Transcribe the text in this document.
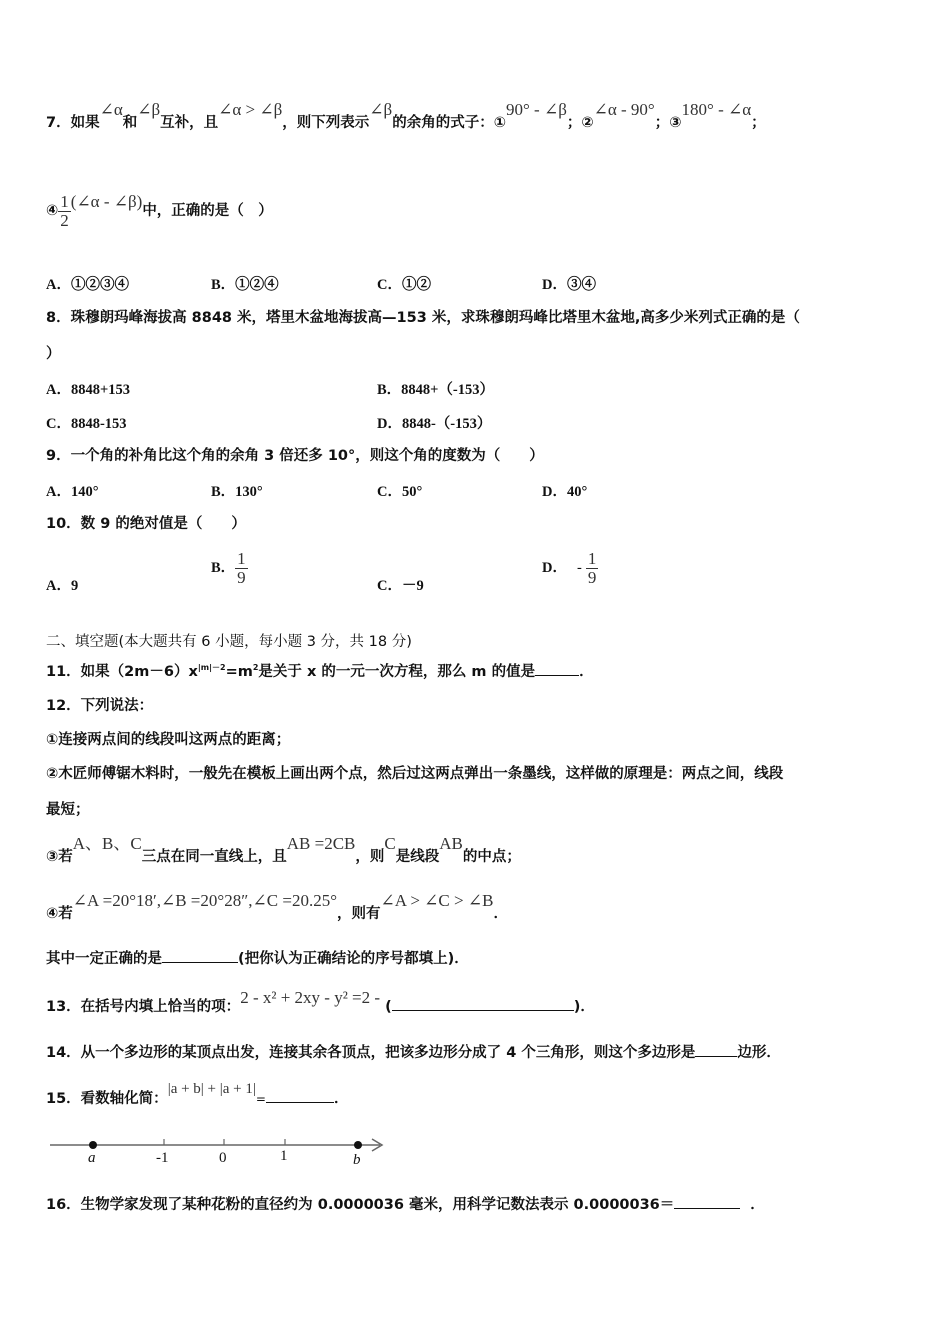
7．如果∠α和∠β互补，且∠α > ∠β，则下列表示∠β的余角的式子：①90° - ∠β；②∠α - 90°；③180° - ∠α；
④ $\frac{1}{2}$ (∠α - ∠β)中，正确的是（　）
A．①②③④	B．①②④	C．①②	D．③④
8．珠穆朗玛峰海拔高 8848 米，塔里木盆地海拔高—153 米，求珠穆朗玛峰比塔里木盆地,高多少米列式正确的是（
）
A．8848+153	B．8848+（-153）
C．8848-153	D．8848-（-153）
9．一个角的补角比这个角的余角 3 倍还多 10°，则这个角的度数为（　　）
A．140°	B．130°	C．50°	D．40°
10．数 9 的绝对值是（　　）
A．9
B． $\frac{1}{9}$	C．－9
D． - $\frac{1}{9}$
二、填空题(本大题共有 6 小题，每小题 3 分，共 18 分)
11．如果$(2m-6)x^{|m|-2}=m^2$是关于 x 的一元一次方程，那么 m 的值是	．
12．下列说法：
①连接两点间的线段叫这两点的距离；
②木匠师傅锯木料时，一般先在模板上画出两个点，然后过这两点弹出一条墨线，这样做的原理是：两点之间，线段
最短；
③若A、B、C三点在同一直线上，且AB =2CB，则C是线段AB的中点；
④若∠A =20°18′,∠B =20°28″,∠C =20.25°，则有∠A > ∠C > ∠B．
其中一定正确的是	(把你认为正确结论的序号都填上)．
13．在括号内填上恰当的项：2 - x² + 2xy - y² =2 - (	)．
14．从一个多边形的某顶点出发，连接其余各顶点，把该多边形分成了 4 个三角形，则这个多边形是	边形．
15．看数轴化简：|a + b| + |a + 1|=	．
a	-1	0	1	b
16．生物学家发现了某种花粉的直径约为 0.0000036 毫米，用科学记数法表示 0.0000036＝	．
